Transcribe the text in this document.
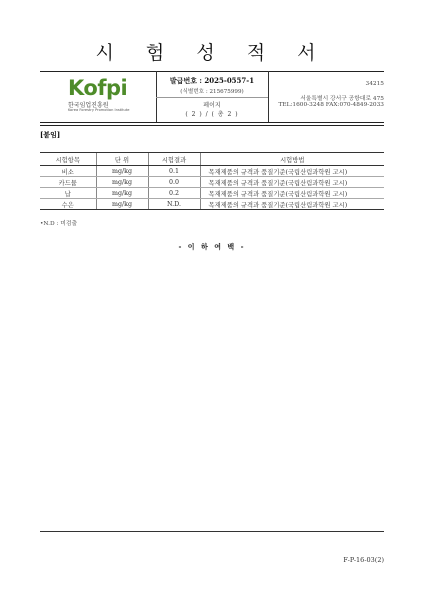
시 험 성 적 서
Kofpi
한국임업진흥원
Korea Forestry Promotion Institute
발급번호 : 2025-0557-1
(식별번호 : 215675999)
페이지
( 2 ) / ( 총 2 )
34215
서울특별시 강서구 공항대로 475
TEL:1600-3248 FAX:070-4849-2033
[붙임]
시험항목	단 위	시험결과	시험방법
비소	mg/kg	0.1	목재제품의 규격과 품질기준(국립산림과학원 고시)
카드뮴	mg/kg	0.0	목재제품의 규격과 품질기준(국립산림과학원 고시)
납	mg/kg	0.2	목재제품의 규격과 품질기준(국립산림과학원 고시)
수은	mg/kg	N.D.	목재제품의 규격과 품질기준(국립산림과학원 고시)
•N.D : 미검출
- 이 하 여 백 -
F-P-16-03(2)
